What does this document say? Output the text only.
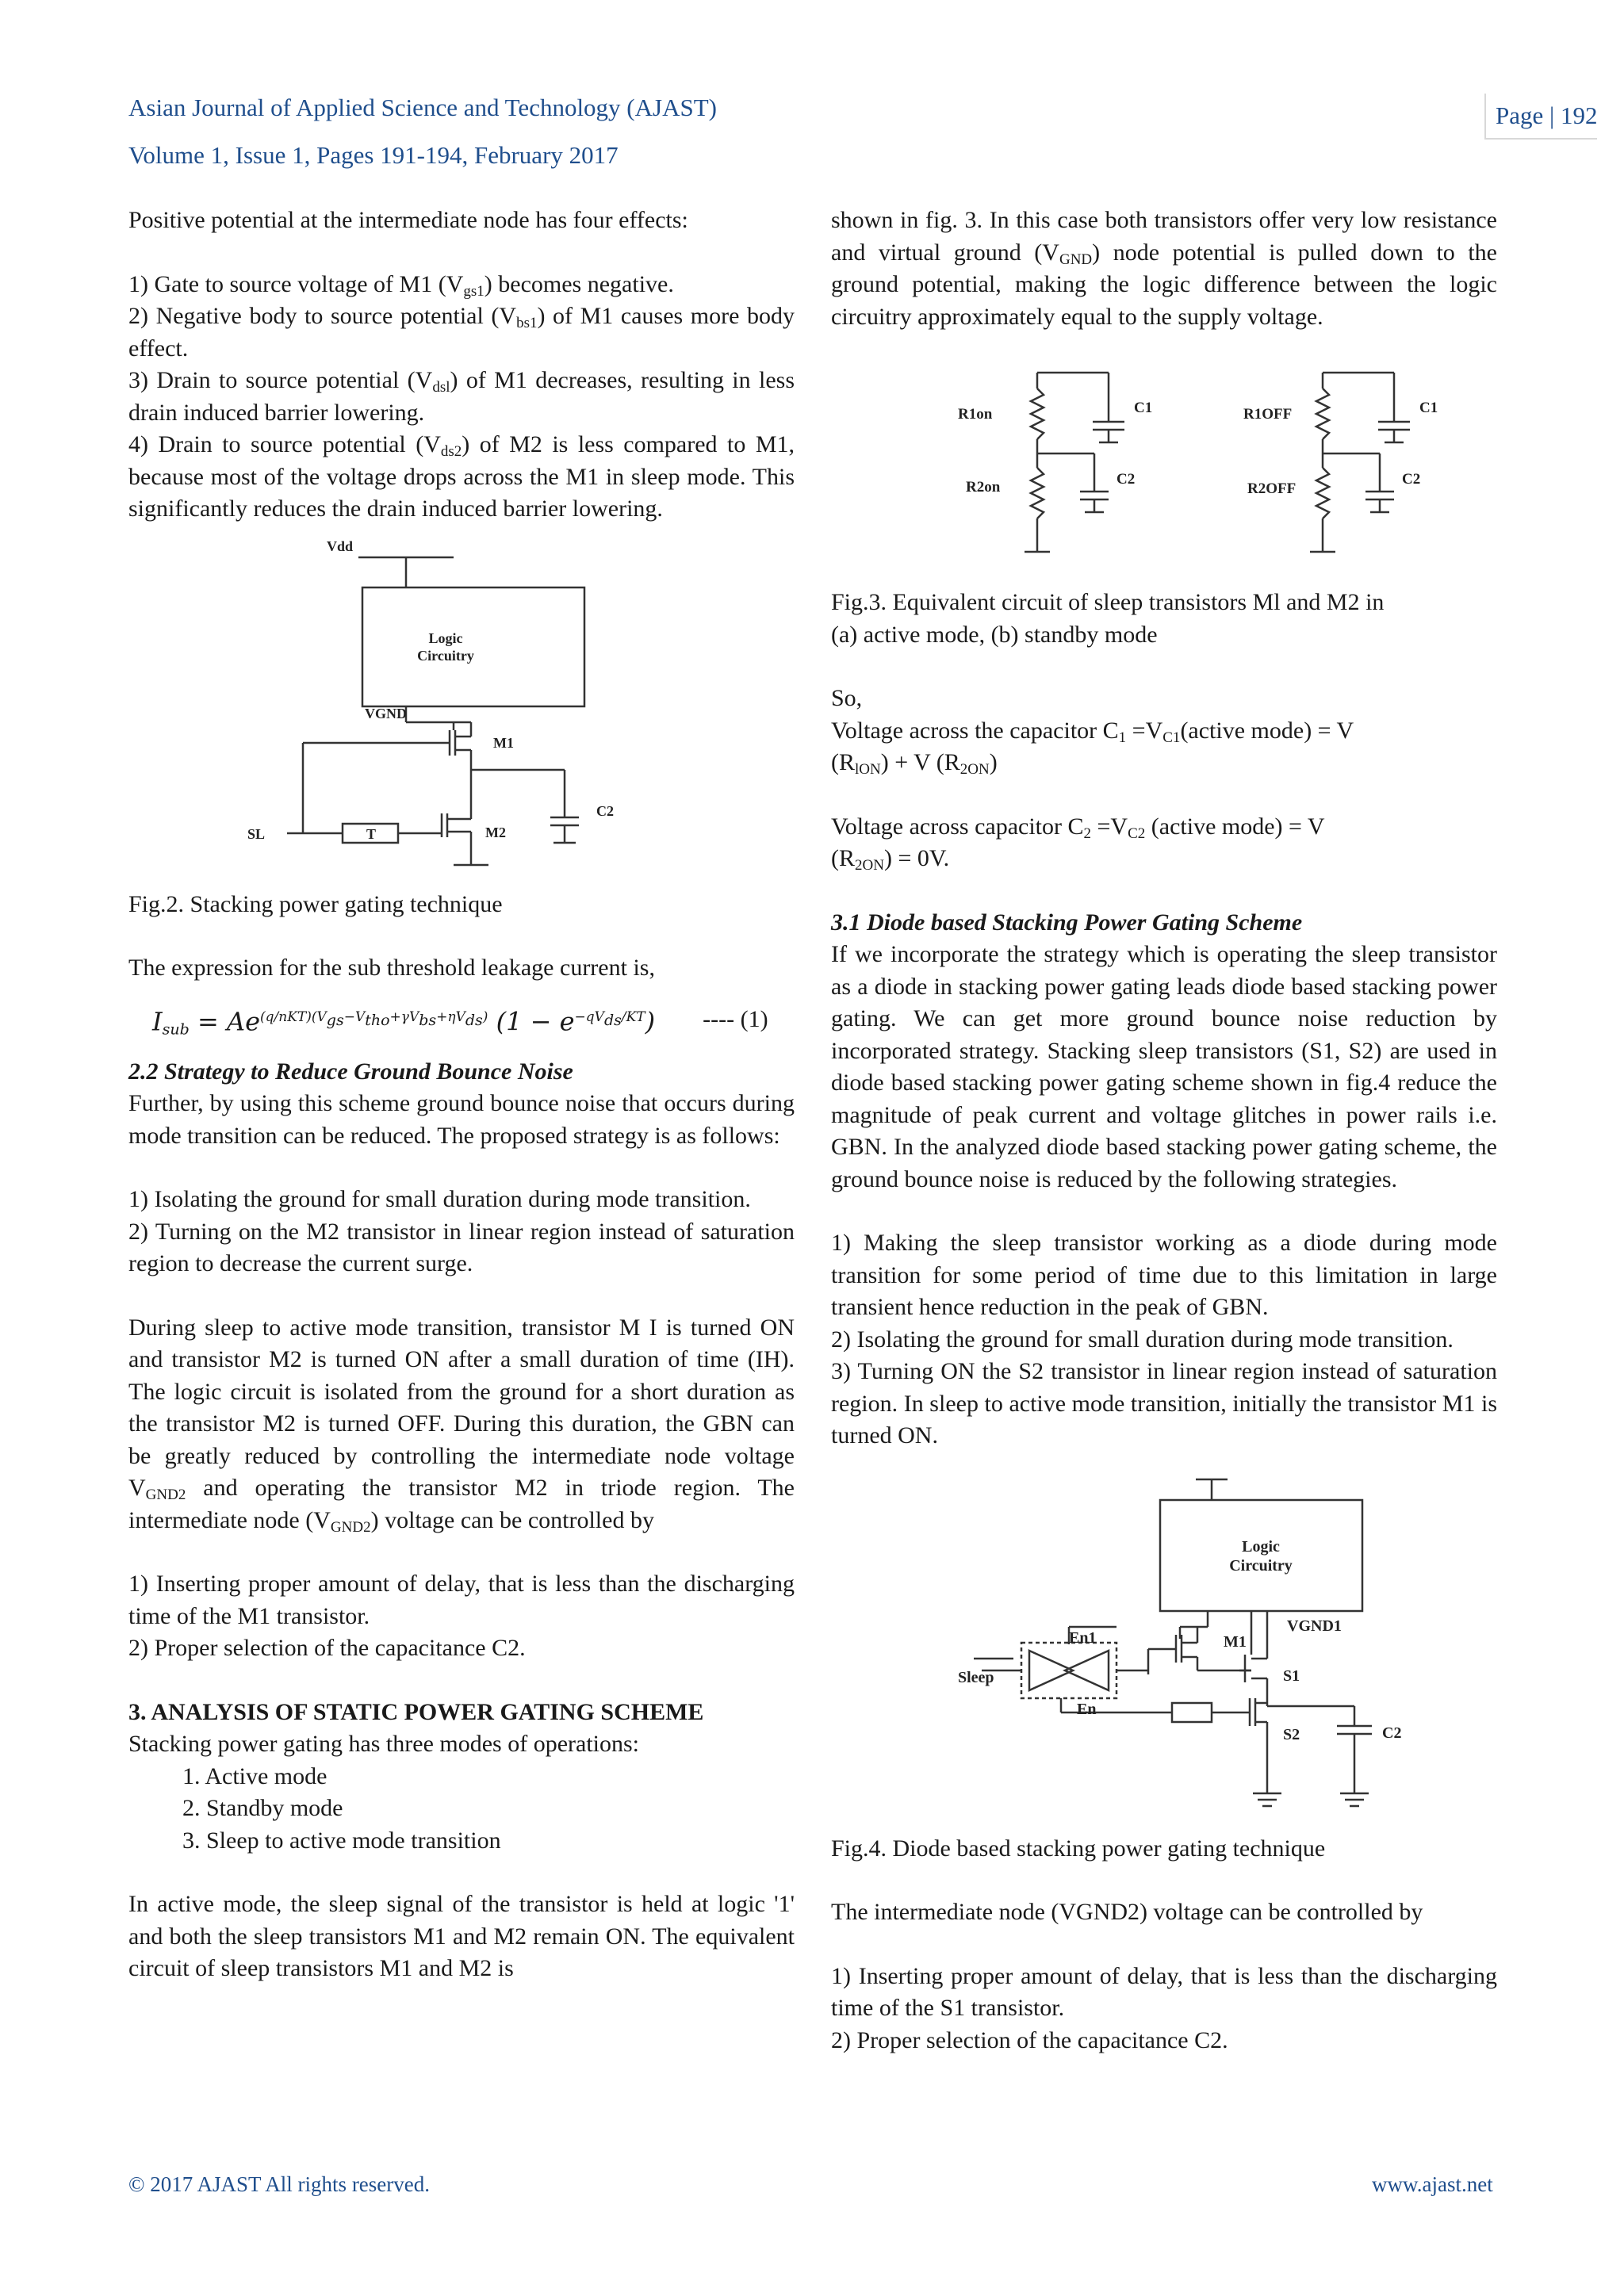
Asian Journal of Applied Science and Technology (AJAST)
Volume 1, Issue 1, Pages 191-194, February 2017
Page | 192

Positive potential at the intermediate node has four effects:

1) Gate to source voltage of M1 $(V_{gs1})$ becomes negative.

2) Negative body to source potential $(V_{bs1})$ of M1 causes more body effect.

3) Drain to source potential $(V_{dsl})$ of M1 decreases, resulting in less drain induced barrier lowering.

4) Drain to source potential $(V_{ds2})$ of M2 is less compared to M1, because most of the voltage drops across the M1 in sleep mode. This significantly reduces the drain induced barrier lowering.

Vdd
Logic
Circuitry
VGND
M1
M2
SL	T
C2

Fig.2. Stacking power gating technique

The expression for the sub threshold leakage current is,

$I_{sub} = Ae^{(q/nKT)(V_{gs}-V_{tho}+\gamma V_{bs}+\eta V_{ds})}$ $(1 - e^{-qV_{ds}/KT})$ ---- (1)

2.2 Strategy to Reduce Ground Bounce Noise

Further, by using this scheme ground bounce noise that occurs during mode transition can be reduced. The proposed strategy is as follows:

1) Isolating the ground for small duration during mode transition.

2) Turning on the M2 transistor in linear region instead of saturation region to decrease the current surge.

During sleep to active mode transition, transistor M I is turned ON and transistor M2 is turned ON after a small duration of time (IH). The logic circuit is isolated from the ground for a short duration as the transistor M2 is turned OFF. During this duration, the GBN can be greatly reduced by controlling the intermediate node voltage $V_{GND2}$ and operating the transistor M2 in triode region. The intermediate node $(V_{GND2})$ voltage can be controlled by

1) Inserting proper amount of delay, that is less than the discharging time of the M1 transistor.

2) Proper selection of the capacitance C2.

3. ANALYSIS OF STATIC POWER GATING SCHEME

Stacking power gating has three modes of operations:

1. Active mode

2. Standby mode

3. Sleep to active mode transition

In active mode, the sleep signal of the transistor is held at logic '1' and both the sleep transistors M1 and M2 remain ON. The equivalent circuit of sleep transistors M1 and M2 is

shown in fig. 3. In this case both transistors offer very low resistance and virtual ground $(V_{GND})$ node potential is pulled down to the ground potential, making the logic difference between the logic circuitry approximately equal to the supply voltage.

R1on
R2on
C1
C2
R1OFF
R2OFF
C1
C2

Fig.3. Equivalent circuit of sleep transistors Ml and M2 in

(a) active mode, (b) standby mode

So,

Voltage across the capacitor $C_1$ $=V_{C1}(active$ mode) = V
$(R_{lON}) + V$ $(R_{2ON})$

Voltage across capacitor $C_2 =V_{C2}$ (active mode) = V
$(R_{2ON}) = 0V$.

3.1 Diode based Stacking Power Gating Scheme

If we incorporate the strategy which is operating the sleep transistor as a diode in stacking power gating leads diode based stacking power gating. We can get more ground bounce noise reduction by incorporated strategy. Stacking sleep transistors (S1, S2) are used in diode based stacking power gating scheme shown in fig.4 reduce the magnitude of peak current and voltage glitches in power rails i.e. GBN. In the analyzed diode based stacking power gating scheme, the ground bounce noise is reduced by the following strategies.

1) Making the sleep transistor working as a diode during mode transition for some period of time due to this limitation in large transient hence reduction in the peak of GBN.

2) Isolating the ground for small duration during mode transition.

3) Turning ON the S2 transistor in linear region instead of saturation region. In sleep to active mode transition, initially the transistor M1 is turned ON.

Logic
Circuitry
VGND1
En1	M1
S1
Sleep
En
S2	C2

Fig.4. Diode based stacking power gating technique

The intermediate node (VGND2) voltage can be controlled by

1) Inserting proper amount of delay, that is less than the discharging time of the S1 transistor.

2) Proper selection of the capacitance C2.

© 2017 AJAST All rights reserved.	www.ajast.net
